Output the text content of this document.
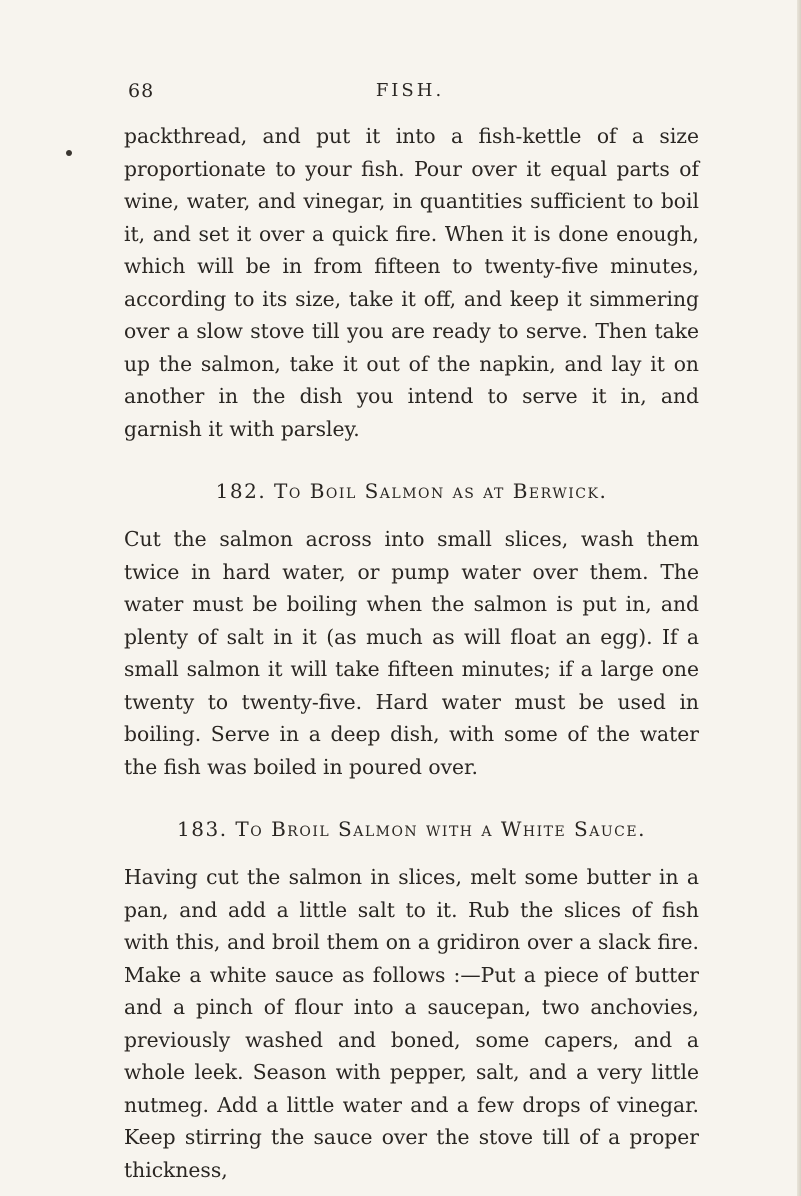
68	FISH.

packthread, and put it into a fish-kettle of a size proportionate to your fish. Pour over it equal parts of wine, water, and vinegar, in quantities sufficient to boil it, and set it over a quick fire. When it is done enough, which will be in from fifteen to twenty-five minutes, according to its size, take it off, and keep it simmering over a slow stove till you are ready to serve. Then take up the salmon, take it out of the napkin, and lay it on another in the dish you intend to serve it in, and garnish it with parsley.

182. To Boil Salmon as at Berwick.

Cut the salmon across into small slices, wash them twice in hard water, or pump water over them. The water must be boiling when the salmon is put in, and plenty of salt in it (as much as will float an egg). If a small salmon it will take fifteen minutes; if a large one twenty to twenty-five. Hard water must be used in boiling. Serve in a deep dish, with some of the water the fish was boiled in poured over.

183. To Broil Salmon with a White Sauce.

Having cut the salmon in slices, melt some butter in a pan, and add a little salt to it. Rub the slices of fish with this, and broil them on a gridiron over a slack fire. Make a white sauce as follows :—Put a piece of butter and a pinch of flour into a saucepan, two anchovies, previously washed and boned, some capers, and a whole leek. Season with pepper, salt, and a very little nutmeg. Add a little water and a few drops of vinegar. Keep stirring the sauce over the stove till of a proper thickness,
